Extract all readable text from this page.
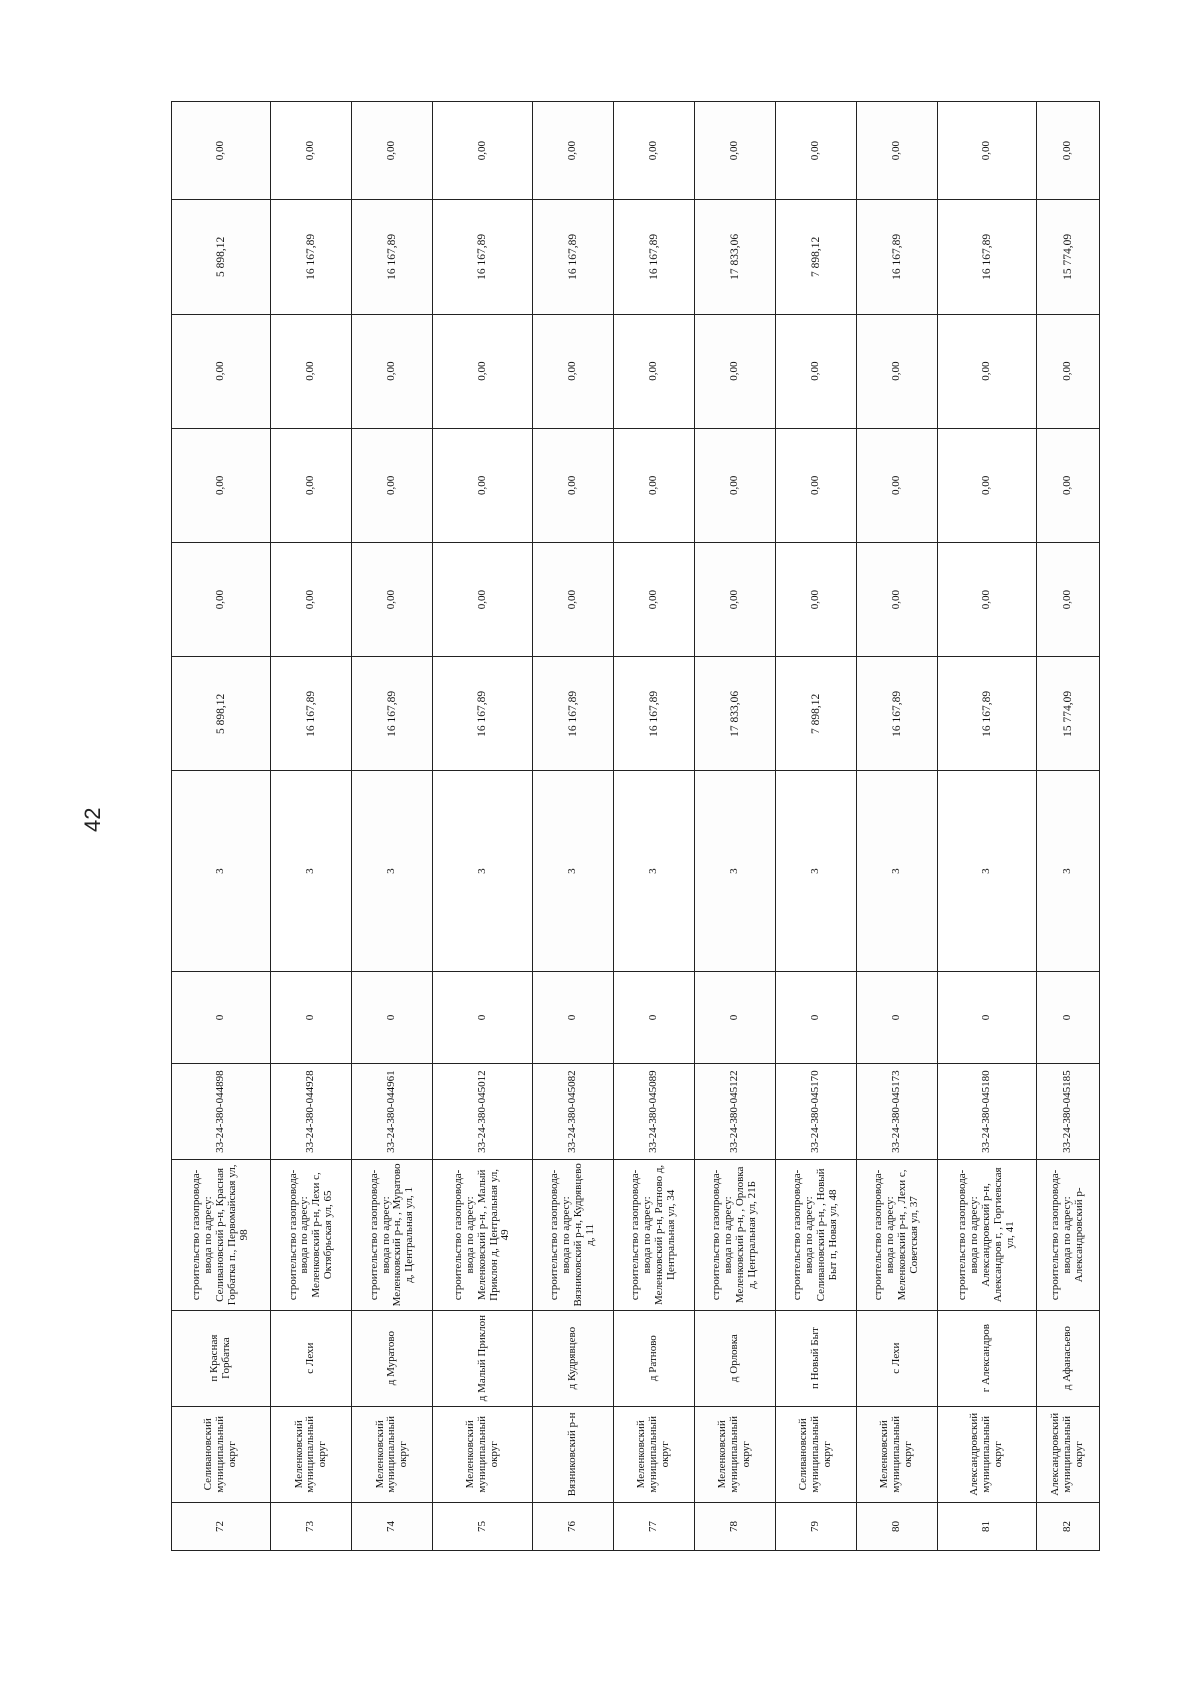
42
72	Селивановский муниципальный округ	п Красная Горбатка	строительство газопровода-ввода по адресу: Селивановский р-н, Красная Горбатка п., Первомайская ул, 98	33-24-380-044898	0	3	5 898,12	0,00	0,00	0,00	5 898,12	0,00
73	Меленковский муниципальный округ	с Лехи	строительство газопровода-ввода по адресу: Меленковский р-н, Лехи с, Октябрьская ул, 65	33-24-380-044928	0	3	16 167,89	0,00	0,00	0,00	16 167,89	0,00
74	Меленковский муниципальный округ	д Муратово	строительство газопровода-ввода по адресу: Меленковский р-н, , Муратово д, Центральная ул, 1	33-24-380-044961	0	3	16 167,89	0,00	0,00	0,00	16 167,89	0,00
75	Меленковский муниципальный округ	д Малый Приклон	строительство газопровода-ввода по адресу: Меленковский р-н, , Малый Приклон д, Центральная ул, 49	33-24-380-045012	0	3	16 167,89	0,00	0,00	0,00	16 167,89	0,00
76	Вязниковский р-н	д Кудрявцево	строительство газопровода-ввода по адресу: Вязниковский р-н, Кудрявцево д, 11	33-24-380-045082	0	3	16 167,89	0,00	0,00	0,00	16 167,89	0,00
77	Меленковский муниципальный округ	д Ратново	строительство газопровода-ввода по адресу: Меленковский р-н, Ратново д, Центральная ул, 34	33-24-380-045089	0	3	16 167,89	0,00	0,00	0,00	16 167,89	0,00
78	Меленковский муниципальный округ	д Орловка	строительство газопровода-ввода по адресу: Меленковский р-н, , Орловка д, Центральная ул, 21Б	33-24-380-045122	0	3	17 833,06	0,00	0,00	0,00	17 833,06	0,00
79	Селивановский муниципальный округ	п Новый Быт	строительство газопровода-ввода по адресу: Селивановский р-н, , Новый Быт п, Новая ул, 48	33-24-380-045170	0	3	7 898,12	0,00	0,00	0,00	7 898,12	0,00
80	Меленковский муниципальный округ	с Лехи	строительство газопровода-ввода по адресу: Меленковский р-н, , Лехи с, Советская ул, 37	33-24-380-045173	0	3	16 167,89	0,00	0,00	0,00	16 167,89	0,00
81	Александровский муниципальный округ	г Александров	строительство газопровода-ввода по адресу: Александровский р-н, Александров г, , Горгиевская ул, 41	33-24-380-045180	0	3	16 167,89	0,00	0,00	0,00	16 167,89	0,00
82	Александровский муниципальный округ	д Афанасьево	строительство газопровода-ввода по адресу: Александровский р-	33-24-380-045185	0	3	15 774,09	0,00	0,00	0,00	15 774,09	0,00
